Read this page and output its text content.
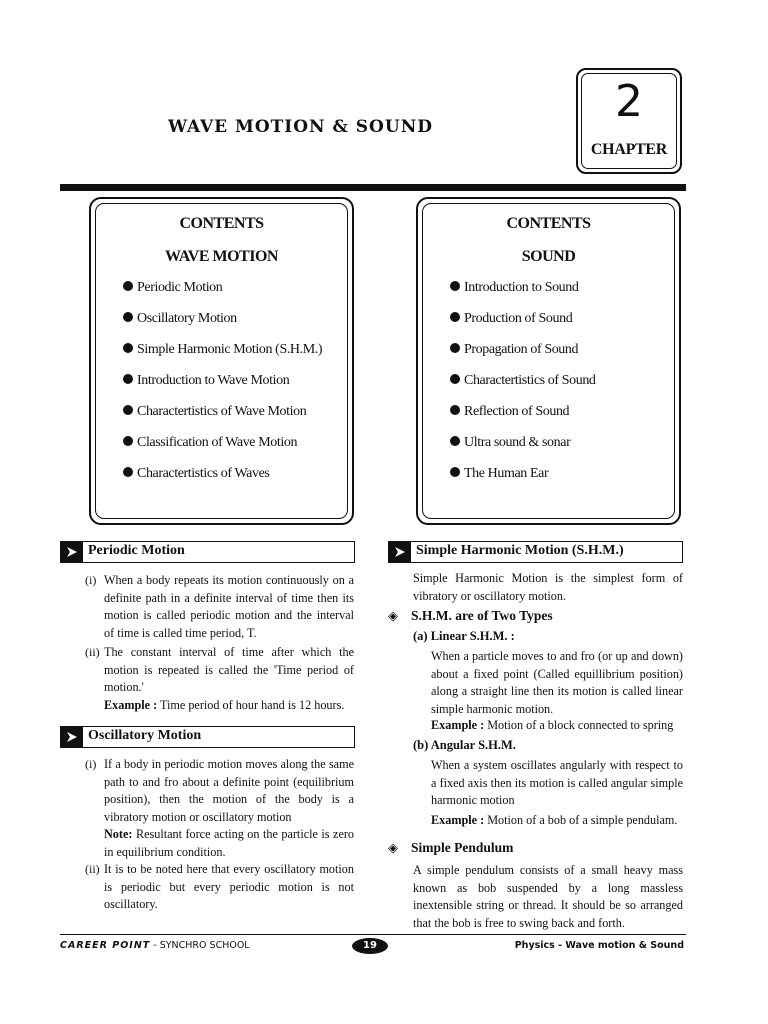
WAVE MOTION & SOUND	2
CHAPTER
CONTENTS
WAVE MOTION
Periodic Motion
Oscillatory Motion
Simple Harmonic Motion (S.H.M.)
Introduction to Wave Motion
Charactertistics of Wave Motion
Classification of Wave Motion
Charactertistics of Waves
CONTENTS
SOUND
Introduction to Sound
Production of Sound
Propagation of Sound
Charactertistics of Sound
Reflection of Sound
Ultra sound & sonar
The Human Ear
Periodic Motion
(i) When a body repeats its motion continuously on a definite path in a definite interval of time then its motion is called periodic motion and the interval of time is called time period, T.
(ii) The constant interval of time after which the motion is repeated is called the 'Time period of motion.'
Example : Time period of hour hand is 12 hours.
Oscillatory Motion
(i) If a body in periodic motion moves along the same path to and fro about a definite point (equilibrium position), then the motion of the body is a vibratory motion or oscillatory motion
Note: Resultant force acting on the particle is zero in equilibrium condition.
(ii) It is to be noted here that every oscillatory motion is periodic but every periodic motion is not oscillatory.
Simple Harmonic Motion (S.H.M.)
Simple Harmonic Motion is the simplest form of vibratory or oscillatory motion.
◈ S.H.M. are of Two Types
(a) Linear S.H.M. :
When a particle moves to and fro (or up and down) about a fixed point (Called equillibrium position) along a straight line then its motion is called linear simple harmonic motion.
Example : Motion of a block connected to spring
(b) Angular S.H.M.
When a system oscillates angularly with respect to a fixed axis then its motion is called angular simple harmonic motion
Example : Motion of a bob of a simple pendulam.
◈ Simple Pendulum
A simple pendulum consists of a small heavy mass known as bob suspended by a long massless inextensible string or thread. It should be so arranged that the bob is free to swing back and forth.
CAREER POINT - SYNCHRO SCHOOL	19	Physics - Wave motion & Sound
